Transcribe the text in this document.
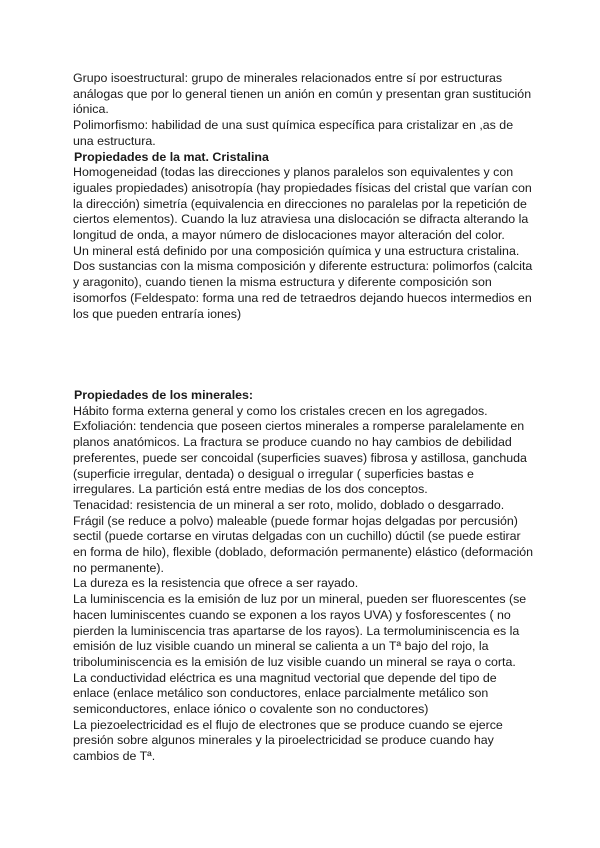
Grupo isoestructural: grupo de minerales relacionados entre sí por estructuras análogas que por lo general tienen un anión en común y presentan gran sustitución iónica.

Polimorfismo: habilidad de una sust química específica para cristalizar en ,as de una estructura.

Propiedades de la mat. Cristalina

Homogeneidad (todas las direcciones y planos paralelos son equivalentes y con iguales propiedades) anisotropía (hay propiedades físicas del cristal que varían con la dirección) simetría (equivalencia en direcciones no paralelas por la repetición de ciertos elementos). Cuando la luz atraviesa una dislocación se difracta alterando la longitud de onda, a mayor número de dislocaciones mayor alteración del color.

Un mineral está definido por una composición química y una estructura cristalina.

Dos sustancias con la misma composición y diferente estructura: polimorfos (calcita y aragonito), cuando tienen la misma estructura y diferente composición son isomorfos (Feldespato: forma una red de tetraedros dejando huecos intermedios en los que pueden entraría iones)

Propiedades de los minerales:

Hábito forma externa general y como los cristales crecen en los agregados.

Exfoliación: tendencia que poseen ciertos minerales a romperse paralelamente en planos anatómicos. La fractura se produce cuando no hay cambios de debilidad preferentes, puede ser concoidal (superficies suaves) fibrosa y astillosa, ganchuda (superficie irregular, dentada) o desigual o irregular ( superficies bastas e irregulares. La partición está entre medias de los dos conceptos.

Tenacidad: resistencia de un mineral a ser roto, molido, doblado o desgarrado. Frágil (se reduce a polvo) maleable (puede formar hojas delgadas por percusión) sectil (puede cortarse en virutas delgadas con un cuchillo) dúctil (se puede estirar en forma de hilo), flexible (doblado, deformación permanente) elástico (deformación no permanente).

La dureza es la resistencia que ofrece a ser rayado.

La luminiscencia es la emisión de luz por un mineral, pueden ser fluorescentes (se hacen luminiscentes cuando se exponen a los rayos UVA) y fosforescentes ( no pierden la luminiscencia tras apartarse de los rayos). La termoluminiscencia es la emisión de luz visible cuando un mineral se calienta a un Tª bajo del rojo, la triboluminiscencia es la emisión de luz visible cuando un mineral se raya o corta.

La conductividad eléctrica es una magnitud vectorial que depende del tipo de enlace (enlace metálico son conductores, enlace parcialmente metálico son semiconductores, enlace iónico o covalente son no conductores)

La piezoelectricidad es el flujo de electrones que se produce cuando se ejerce presión sobre algunos minerales y la piroelectricidad se produce cuando hay cambios de Tª.
